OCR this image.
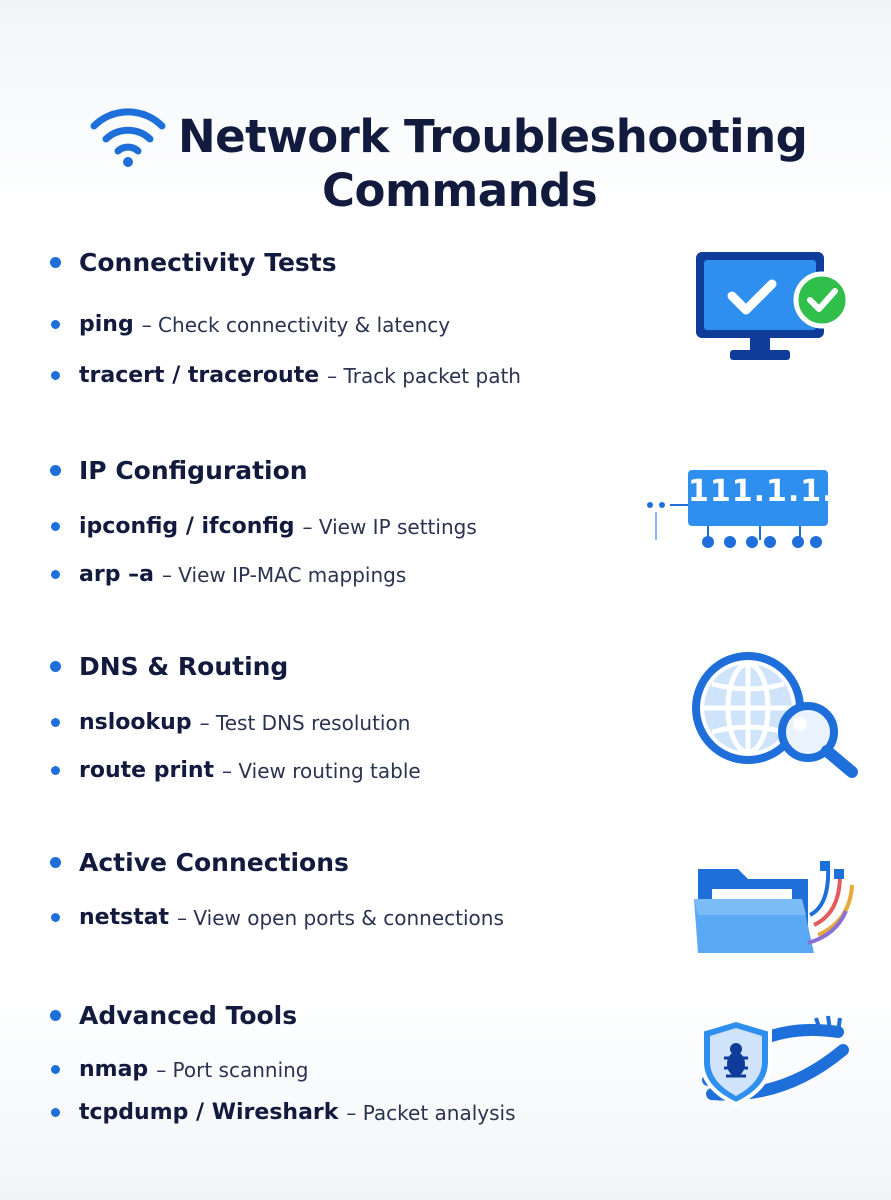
Network Troubleshooting
Commands
Connectivity Tests
ping – Check connectivity & latency
tracert / traceroute – Track packet path
IP Configuration
ipconfig / ifconfig – View IP settings
arp –a – View IP-MAC mappings
111.1.1.1
DNS & Routing
nslookup – Test DNS resolution
route print – View routing table
Active Connections
netstat – View open ports & connections
Advanced Tools
nmap – Port scanning
tcpdump / Wireshark – Packet analysis
